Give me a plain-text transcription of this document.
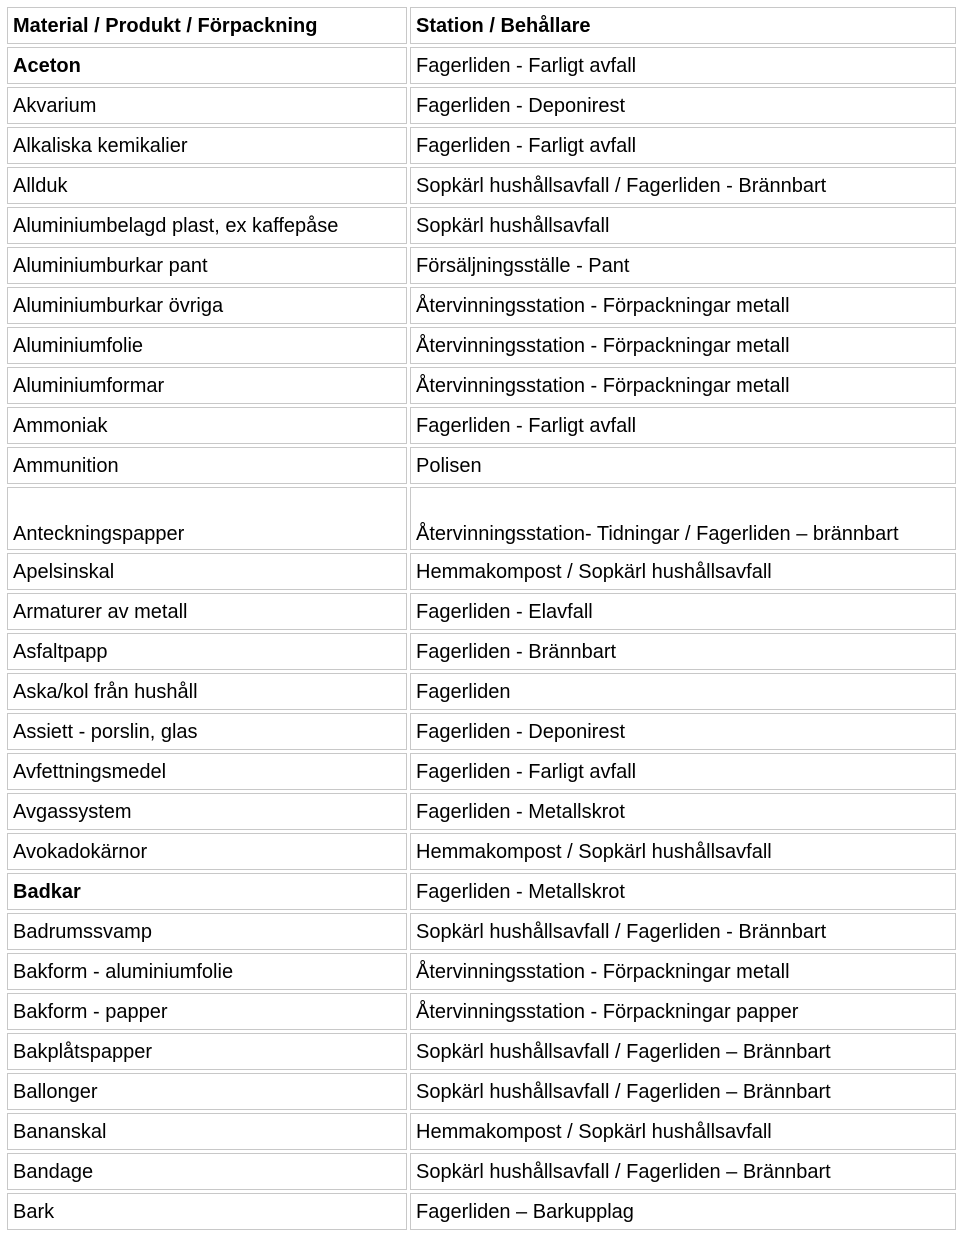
Material / Produkt / Förpackning	Station / Behållare
Aceton	Fagerliden - Farligt avfall
Akvarium	Fagerliden - Deponirest
Alkaliska kemikalier	Fagerliden - Farligt avfall
Allduk	Sopkärl hushållsavfall / Fagerliden - Brännbart
Aluminiumbelagd plast, ex kaffepåse	Sopkärl hushållsavfall
Aluminiumburkar pant	Försäljningsställe - Pant
Aluminiumburkar övriga	Återvinningsstation - Förpackningar metall
Aluminiumfolie	Återvinningsstation - Förpackningar metall
Aluminiumformar	Återvinningsstation - Förpackningar metall
Ammoniak	Fagerliden - Farligt avfall
Ammunition	Polisen
Anteckningspapper	Återvinningsstation- Tidningar / Fagerliden – brännbart
Apelsinskal	Hemmakompost / Sopkärl hushållsavfall
Armaturer av metall	Fagerliden - Elavfall
Asfaltpapp	Fagerliden - Brännbart
Aska/kol från hushåll	Fagerliden
Assiett - porslin, glas	Fagerliden - Deponirest
Avfettningsmedel	Fagerliden - Farligt avfall
Avgassystem	Fagerliden - Metallskrot
Avokadokärnor	Hemmakompost / Sopkärl hushållsavfall
Badkar	Fagerliden - Metallskrot
Badrumssvamp	Sopkärl hushållsavfall / Fagerliden - Brännbart
Bakform - aluminiumfolie	Återvinningsstation - Förpackningar metall
Bakform - papper	Återvinningsstation - Förpackningar papper
Bakplåtspapper	Sopkärl hushållsavfall / Fagerliden – Brännbart
Ballonger	Sopkärl hushållsavfall / Fagerliden – Brännbart
Bananskal	Hemmakompost / Sopkärl hushållsavfall
Bandage	Sopkärl hushållsavfall / Fagerliden – Brännbart
Bark	Fagerliden – Barkupplag
